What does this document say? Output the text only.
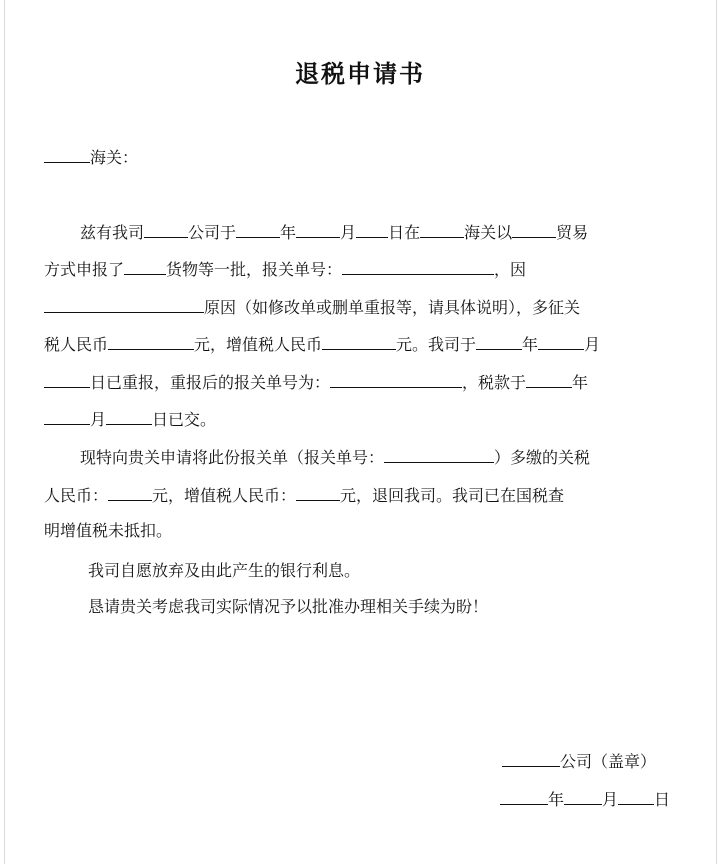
退税申请书
海关：
兹有我司	公司于	年	月 日在	海关以	贸易
方式申报了	货物等一批，报关单号：	，因
原因（如修改单或删单重报等，请具体说明），多征关
税人民币	元，增值税人民币	元。我司于	年	月
日已重报，重报后的报关单号为：	，税款于	年
月	日已交。
现特向贵关申请将此份报关单（报关单号：	）多缴的关税
人民币：	元，增值税人民币：	元，退回我司。我司已在国税查
明增值税未抵扣。
我司自愿放弃及由此产生的银行利息。
恳请贵关考虑我司实际情况予以批准办理相关手续为盼！
公司（盖章）
年 月 日
